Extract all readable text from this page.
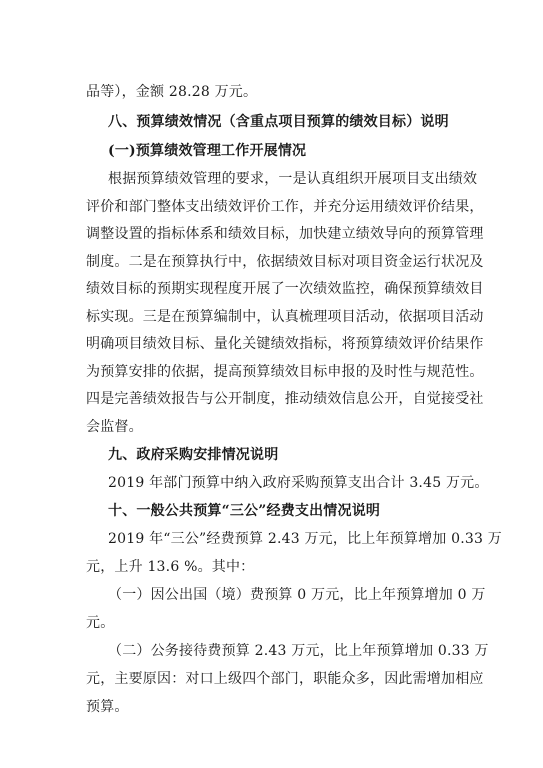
品等），金额 28.28 万元。
八、预算绩效情况（含重点项目预算的绩效目标）说明
(一)预算绩效管理工作开展情况
根据预算绩效管理的要求，一是认真组织开展项目支出绩效
评价和部门整体支出绩效评价工作，并充分运用绩效评价结果，
调整设置的指标体系和绩效目标，加快建立绩效导向的预算管理
制度。二是在预算执行中，依据绩效目标对项目资金运行状况及
绩效目标的预期实现程度开展了一次绩效监控，确保预算绩效目
标实现。三是在预算编制中，认真梳理项目活动，依据项目活动
明确项目绩效目标、量化关键绩效指标，将预算绩效评价结果作
为预算安排的依据，提高预算绩效目标申报的及时性与规范性。
四是完善绩效报告与公开制度，推动绩效信息公开，自觉接受社
会监督。
九、政府采购安排情况说明
2019 年部门预算中纳入政府采购预算支出合计 3.45 万元。
十、一般公共预算“三公”经费支出情况说明
2019 年“三公”经费预算 2.43 万元，比上年预算增加 0.33 万
元，上升 13.6 %。其中：
（一）因公出国（境）费预算 0 万元，比上年预算增加 0 万
元。
（二）公务接待费预算 2.43 万元，比上年预算增加 0.33 万
元，主要原因：对口上级四个部门，职能众多，因此需增加相应
预算。
